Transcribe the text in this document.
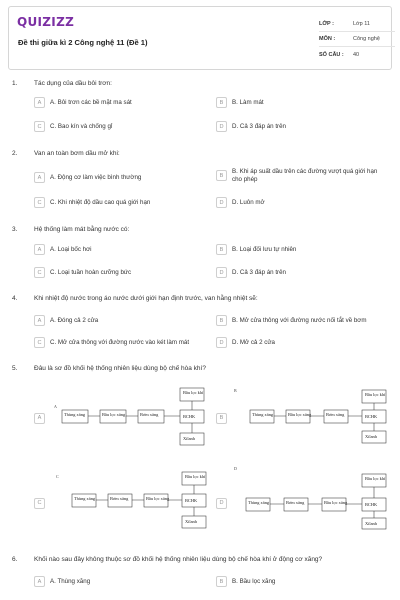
QUIZIZZ
Đề thi giữa kì 2 Công nghệ 11 (Đề 1)
LỚP :	Lớp 11
MÔN :	Công nghệ
SỐ CÂU :	40
1.	Tác dụng của dầu bôi trơn:
A	A. Bôi trơn các bề mặt ma sát	B	B. Làm mát
C	C. Bao kín và chống gỉ	D	D. Cả 3 đáp án trên
2.	Van an toàn bơm dầu mở khi:
A	A. Động cơ làm việc bình thường	B
B. Khi áp suất dầu trên các đường vượt quá giới hạn cho phép
C	C. Khi nhiệt độ dầu cao quá giới hạn	D	D. Luôn mở
3.	Hệ thống làm mát bằng nước có:
A	A. Loại bốc hơi	B	B. Loại đối lưu tự nhiên
C	C. Loại tuần hoàn cưỡng bức	D	D. Cả 3 đáp án trên
4.	Khi nhiệt độ nước trong áo nước dưới giới hạn định trước, van hằng nhiệt sẽ:
A	A. Đóng cả 2 cửa	B	B. Mở cửa thông với đường nước nối tắt về bơm
C	C. Mở cửa thông với đường nước vào két làm mát	D	D. Mở cả 2 cửa
5.	Đâu là sơ đồ khối hệ thống nhiên liệu dùng bộ chế hòa khí?
A
A
Bầu lọc khí
Thùng xăng	Bầu lọc xăng	Bơm xăng	BCHK
Xilanh
B
B
Bầu lọc khí
Thùng xăng	Bầu lọc xăng	Bơm xăng	BCHK
Xilanh
C
C	Bầu lọc khí
Thùng xăng	Bơm xăng	Bầu lọc xăng	BCHK
Xilanh
D
D
Bầu lọc khí
Thùng xăng	Bơm xăng	Bầu lọc xăng	BCHK
Xilanh
6.	Khối nào sau đây không thuộc sơ đồ khối hệ thống nhiên liệu dùng bộ chế hòa khí ở động cơ xăng?
A	A. Thùng xăng	B	B. Bầu lọc xăng
